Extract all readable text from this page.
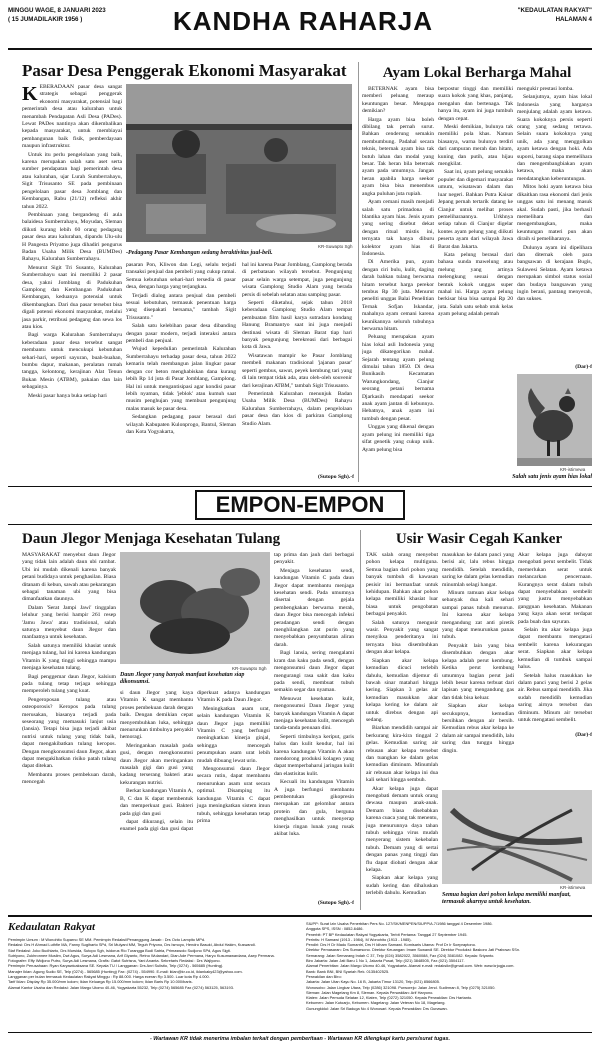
MINGGU WAGE, 8 JANUARI 2023
( 15 JUMADILAKIR 1956 )	KANDHA RAHARJA	"KEDAULATAN RAKYAT"
HALAMAN 4
Pasar Desa Penggerak Ekonomi Masyarakat
K EBERADAAN pasar desa sangat strategis sebagai penggerak ekonomi masyarakat, potensial bagi pemerintah desa atau kalurahan untuk menambah Pendapatan Asli Desa (PADes). Lewat PADes nantinya akan dikembalikan kepada masyarakat, untuk membiayai pembangunan baik fisik, pemberdayaan maupun infrastruktur.

Untuk itu perlu pengelolaan yang baik, karena merupakan salah satu aset serta sumber pendapatan bagi pemerintah desa atau kalurahan, ujar Lurah Sumberrahayu, Sigit Trisusanto SE pada pembinaan pengelolaan pasar desa Jomblang dan Kembangan, Rabu (21/12) refleksi akhir tahun 2022.

Pembinaan yang bergandeng di aula balaidesa Sumberrahayu, Moyudan, Sleman diikuti kurang lebih 60 orang pedagang pasar desa atau kalurahan, dipandu Ulu-ulu H Pangesta Priyatno juga dihadiri pengurus Badan Usaha Milik Desa (BUMDes) Rahayu, Kalurahan Sumberrahayu.

Menurut Sigit Tri Susanto, Kalurahan Sumberrahayu saat ini memiliki 2 pasar desa, yakni Jomblang di Padukuhan Gamplong dan Kembangan Padukuhan Kembangan, keduanya potensial untuk dikembangkan. Dari dua pasar tersebut bisa digali potensi ekonomi masyarakat, melalui jasa parkir, retribusi pedagang dan sewa los atau kios.

Bagi warga Kalurahan Sumberrahayu keberadaan pasar desa tersebut sangat membantu untuk mencukupi kebutuhan sehari-hari, seperti sayuran, buah-buahan, bumbu dapur, makanan, peralatan rumah tangga, kelontong, kerajinan Alat Tenun Bukan Mesin (ATBM), pakaian dan lain sebagainya.

Meski pasar hanya buka setiap hari

KR-Suwapto Sgh
-Pedagang Pasar Kembangan sedang beraktivitas jual-beli.

pasaran Pon, Kliwon dan Legi, selalu terjadi transaksi penjual dan pembeli yang cukup ramai. Semua kebutuhan sehari-hari tersedia di pasar desa, dengan harga yang terjangkau.

Terjadi dialog antara penjual dan pembeli sesuai kebutuhan, termasuk penentuan harga yang disepakati bersama," tambah Sigit Trisusanto."

Salah satu kelebihan pasar desa dibanding dengan pasar modern, terjadi interaksi antara pembeli dan penjual.

Wujud kepedulian pemerintah Kalurahan Sumberrahayu terhadap pasar desa, tahun 2022 kemarin telah membangun jalan lingkar pasar dengan cor beton menghabiskan dana kurang lebih Rp 14 juta di Pasar Jomblang, Gamplong. Hal ini untuk mengantisipasi agar kondisi pasar lebih nyaman, tidak 'jeblok' atau kumuh saat musim penghujan yang membuat pengunjung malas masuk ke pasar desa.

Sedangkan pedagang pasar berasal dari wilayah Kabupaten Kulonprogo, Bantul, Sleman dan Kota Yogyakarta,

hal ini karena Pasar Jomblang, Gamplong berada di perbatasan wilayah tersebut. Pengunjung pasar selain warga setempat, juga pengunjung wisata Gamplong Studio Alam yang berada persis di sebelah selatan atau samping pasar.

Seperti diketahui, sejak tahun 2018 keberadaan Gamplong Studio Alam tempat pembuatan film hasil karya sutradara kondang Hanung Bramantyo saat ini juga menjadi destinasi wisata di Sleman Barat tiap hari banyak pengunjung berekreasi dari berbagai kota di Jawa.

Wisatawan mampir ke Pasar Jomblang membeli makanan tradisional 'jajanan pasar' seperti gembus, sawut, peyek kembung tari yang di lain tempat tidak ada, atau oleh-oleh souvenir dari kerajinan ATBM," tambah Sigit Trisusanto.

Pemerintah Kalurahan menunjuk Badan Usaha Milik Desa (BUMDes) Rahayu Kalurahan Sumberrahayu, dalam pengelolaan pasar desa dan kios di parkiran Gamplong Studio Alam.

(Sutopo Sgh).-f
Ayam Lokal Berharga Mahal

BETERNAK ayam bisa memberi peluang meraup keuntungan besar. Mengapa demikian?

Harga ayam bisa boleh dibilang tak pernah surut. Bahkan cenderung semakin membumbung. Padahal secara teknis, beternak ayam bisa tak butuh lahan dan modal yang besar. Tak heran bila beternak ayam pada umumnya. Jangan heran apabila harga seekor ayam bisa bisa menembus angka puluhan juta rupiah.

Ayam cemani masih menjadi salah satu primadona di blantika ayam hias. Jenis ayam yang sering disebut dekat dengan ritual mistis ini, ternyata tak hanya diburu kolektor ayam hias di Indonesia.

Di Amerika pun, ayam dengan ciri bulu, kulit, daging darah bahkan tulang berwarna hitam tersebut harga perekor tembus Rp 30 juta. Menurut peneliti unggas Balai Penelitian Ternak Sofjan Iskandar, mahalnya ayam cemani karena keunikannya seluruh tubuhnya berwarna hitam.

Peluang merupakan ayam hias lokal asli Indonesia yang juga dikategorikan mahal. Sejarah tentang ayam pelung dimulai tahun 1850. Di desa Bunikasih Kecamatan Warungkondang, Cianjur seorang petani bernama Djarkasih mendapati seekor anak ayam jantan di kebunnya. Hebatnya, anak ayam ini tumbuh dengan pesat.

Unggas yang dikenal dengan ayam pelung ini memiliki tiga sifat genetik yang cukup unik. Ayam pelung bisa

berpostur tinggi dan memiliki suara kokok yang khas, panjang, mengalun dan bertenaga. Tak hanya itu, ayam ini juga tumbuh dengan cepat.

Meski demikian, bulunya tak memiliki pola khas. Namun biasanya, warna bulunya terdiri dari campuran merah dan hitam, kuning dan putih, atau hijau mengkilat.

Saat ini, ayam pelung semakin populer dan digemari masyarakat umum, wisatawan dalam dan luar negeri. Bahkan Putra Kaisar Jepang pernah tertarik datang ke Cianjur untuk melihat proses pemeliharaannya. Urkhnya setiap tahun di Cianjur digelar kontes ayam pelung yang diikuti peserta ayam dari wilayah Jawa Barat dan Jakarta.

Kata pelung berasal dari bahasa sunda mawelung atau melung yang artinya melengkung sesuai dengan bentuk kokok unggas super mahal ini. Harga ayam pelung berkisar bisa bisa sampai Rp 20 juta. Salah satu sebab utuk kelas ayam pelung adalah pemah

mengukir prestasi lomba.

Selanjutnya, ayam hias lokal Indonesia yang harganya menjulang adalah ayam ketawa. Suara kokoknya persis seperti orang yang sedang tertawa. Selain suara kokoknya yang unik, ada yang menggolkan ayam ketawa dengan hoki. Ada suporsi, barang siapa memelihara dan mengembangbiakan ayam ketawa, maka akan mendatangkan keberuntungan.

Mitos hoki ayam ketawa bisa dikaitkan rasa ekonomi dari jenis unggas satu ini menang masuk akal. Sudah pasti, jika berhasil memelihara dan mengembangkan, maka keuntungan materi pun akan diraih si pemeliharanya.

Dulunya ayam ini dipelihara dan diternak oleh para bangsawan di kerajaan Bugis, Sulawesi Selatan. Ayam ketawa merupakan simbol status sosial dan budaya bangsawan yang ingin berani, pantang menyerah, dan sukses.

(Dar)-f
KR-istimewa
Salah satu jenis ayam hias lokal
EMPON-EMPON
Daun Jlegor Menjaga Kesehatan Tulang

MASYARAKAT menyebut daun Jlegor yang tidak lain adalah daun ubi rambat. Ubi ini mudah dikenali karena banyak petani budidaya untuk penghasilan. Biasa ditanam di kebun, sawah atau pekarangan sebagai tanaman ubi yang bisa dimanfaatkan daunnya.

Dalam 'Serat Jampi Jawi' tinggalan leluhur yang berisi hampir 261 resep 'Jamu Jawa' atau tradisional, salah satunya menyebut daun Jlegor dan manfaatnya untuk kesehatan.

Salah satunya memiliki khasiat untuk menjaga tulang, hal ini karena kandungan Vitamin K yang tinggi sehingga mampu menjaga kesehatan tulang.

Bagi penggemar daun Jlegor, kalsium pada tulang tetap terjaga sehingga memperoleh tulang yang kuat.

Pengeroposan tulang atau osteoporosis? Keropos pada tulang merusakan, biasanya terjadi pada seseorang yang memasuki lanjut usia (lansia). Tetapi bisa juga terjadi akibat nutrisi untuk tulang yang tidak baik, dapat mengakibatkan tulang keropos. Dengan mengkonsumsi daun Jlegor, akan dapat mengakibatkan risiko patah tulang dapat ditekan.

Membantu proses pembekuan darah, mencegah

KR-Suwapto Sgh
Daun Jlegor yang banyak manfaat kesehatan siap dikonsumsi.

si daun Jlegor yang kaya Vitamin K sangat membantu proses pembekuan darah dengan baik. Dengan demikian cepat menyembuhkan luka, sehingga menurunkan timbulnya penyakit hemoragi.

Meringankan masalah pada gusi, dengan mengkonsumsi daun Jlegor akan meringankan masalah gigi dan gusi yang kadang terserang bakteri atau kekurangan nutrisi.

Berkat kandungan Vitamin A, B, C dan K dapat membentuk dan memperkuat gusi. Bakteri pada gigi dan gusi

dapat dikurangi, selain itu enamel pada gigi dan gusi dapat diperkuat adanya kandungan Vitamin K pada Daun Jlegor.

Meningkatkan asam urat, selain kandungan Vitamin K daun Jlegor juga memiliki Vitamin C yang berfungsi meningkatkan kinerja ginjal, sehingga mencegah penumpukan asam urat lebih mudah dibuang lewat urin.

Mengonsumsi daun Jlegor secara rutin, dapat membantu menurunkan asam urat secara optimal. Disamping itu kandungan Vitamin C dapat juga meningkatkan sistem imun tubuh, sehingga kesehatan tetap prima

tap prima dan jauh dari berbagai penyakit.

Menjaga kesehatan sendi, kandungan Vitamin C pada daun Jlegor dapat membantu menjaga kesehatan sendi. Pada umumnya disertai dengan gejala pembengkakan berwarna merah, daun Jlegor bisa mencegah infeksi peradangan sendi dengan menghilangkan zat purin yang menyebabkan penyumbatan aliran darah.

Bagi lansia, sering mengalami kram dan kaku pada sendi, dengan mengonsumsi daun Jlegor dapat mengurangi rasa sakit dan kaku pada sendi, membuat tubuh semakin segar dan nyaman.

Menuwat kesehatan kulit, mengonsumsi Daun Jlegor yang banyak kandungan Vitamin A dapat menjaga kesehatan kulit, mencegah tanda-tanda penuaan dini.

Seperti timbulnya keriput, garis halus dan kulit kendur, hal ini karena kandungan Vitamin A akan mendorong produksi kolagen yang dapat memperbaharui jaringan kulit dan elastisitas kulit.

Kecuali itu kandungan Vitamin A juga berfungsi membantu pembentukan gikopresin merupakan zat gelombar antara protein dan gula, berguna menghasilkan untuk menyerap kinerja ringan lunak yang rusak akibat luka.

(Sutopo Sgh).-f
Usir Wasir Cegah Kanker

TAK salah orang menyebut pohon kelapa multiguna. Semua bagian dari pohon yang banyak tumbuh di kawasan pesisir ini bermanfaat untuk kehidupan. Bahkan akar pohon kelapa memiliki khasiat luar biasa untuk pengobatan berbagai penyakit.

Salah satunya mengusir wasir. Penyakit yang sangat menyiksa penderitanya ini ternyata bisa disembuhkan dengan akar kelapa.

Siapkan akar kelapa kemudian dicuci terlebih dahulu, kemudian dijemur di bawah sinar matahari hingga kering. Siapkan 3 gelas air kemudian masukkan akar kelapa kering ke dalam air untuk direbus dengan api sedang.

Biarkan mendidih sampai air berkurang kira-kira tinggal 2 gelas. Kemudian saring air rebusan akar kelapa tersebut dan tuangkan ke dalam gelas kemudian diminum. Minumlah air rebusan akar kelapa ini dua kali sehari hingga sembuh.

Akar kelapa juga dapat mengobati demam untuk orang dewasa maupun anak-anak. Demam biasa disebabkan karena cuaca yang tak menentu, juga menurunnya daya tahan tubuh sehingga virus mudah menyerang sistem kekebalan tubuh. Demam yang di sertai dengan panas yang tinggi dan flu dapat diobati dengan akar kelapa.

Siapkan akar kelapa yang sudah kering dan dihaluskan terlebih dahulu. Kemudian

masukkan ke dalam panci yang berisi air, lalu rebus hingga mendidih. Setelah mendidih, saring ke dalam gelas kemudian minumlah selagi hangat.

Minum ramuan akar kelapa sebanyak dua kali sehari sampai panas tubuh menurun. Ini karena akar kelapa mengandung zat anti piretik yang dapat menurunkan panas tubuh.

Penyakit lain yang bisa disembuhkan dengan akar kelapa adalah perut kembung. Ketika perut kembung umumnya bagian perut jadi lebih besar karena terbuat dari lapisan yang mengandung gas dan tidak bisa keluar.

Siapkan akar kelapa secukupnya, kemudian bersihkan dengan air bersih. Kemudian rebus akar kelapa ke dalam air sampai mendidih, lalu saring dan tunggu hingga dingin.

Akar kelapa juga dahsyat mengobati perut sembelit. Tidak memerlukan serat untuk melancarkan pencernaan. Kurangnya serat dalam tubuh dapat menyebabkan sembelit yang justru menyebabkan gangguan kesehatan. Makanan yang kaya akan serat terdapat pada buah dan sayuran.

Selain itu akar kelapa juga dapat membantu mengatasi sembelit karena kekurangan serat. Siapkan akar kelapa kemudian di tumbuk sampai halus.

Setelah halus masukkan ke dalam panci yang berisi 2 gelas air. Rebus sampai mendidih. Jika sudah mendidih kemudian saring airnya tersebut dan diminum. Minum air tersebut untuk mengatasi sembelit.

(Dar)-f
KR-istimewa
Semua bagian dari pohon kelapa memiliki manfaat, termasuk akarnya untuk kesehatan.
Kedaulatan Rakyat
Pemimpin Umum : M Wonohito Suparno SE MM. Pemimpin Redaksi/Penanggung Jawab : Drs Octo Lampito MPd.
Redaksi: Drs H Ahmad Luthfie MA, Fanny Sugiharto SPd, Sri Mulyani MM, Teguh Priyono, Drs Ismoyo, Hendro Basuki, Abdul Hakim, Kuswandi.
Staf Redaksi: Joko Budhiarto, Drs Mursida, Sutopo Sgh, Isidorus Rio Turangga Budi Satria, Primaswolo Sudjono SPd, Agus Sigit.
Sutriyono, Zukhronnee Muslim, Dwi Agus, Surya Adi Lesmana, Arif Giyanto, Retno Wulandari, Dian Ade Permana, Haryo Kusumawardana, Asep Permana.
Fotografer: Effy Widjono Putro, Surya Adi Lesmana, Grafis: Gatot Sutrisna, Yani Ananta. Sekretaris Redaksi : Drs Wajiyono.
Pemimpin Perusahaan: Ryan Karyawicaksana SE. Kepala TU / Langganan: Drs Anri Sulistio, Telp (0274) - 565685 (Hunting).
Manajer Iklan: Agung Sudio SE, Telp (0274) - 565685 (Hunting) Fax: (0274) - 554990. E-mail: iklan@kr.co.id, iklankaky423@yahoo.com.
Langganan per bulan termasuk Kedaulatan Rakyat Minggu : Rp 88.000. Harga eceran Rp 3.500. Luar kota Rp 4.000.
Tarif Iklan: Display Rp 35.000/mm kolom; Iklan Keluarga Rp 15.000/mm kolom; Iklan Baris Rp 10.000/baris.
Alamat Kantor Usaha dan Redaksi: Jalan Margo Utomo 40-46, Yogyakarta 55232, Telp (0274) 565685 Fax (0274) 563125, 563193.
SIUPP: Surat Izin Usaha Penerbitan Pers No. 127/SK/MENPEN/SIUPP/A.7/1986 tanggal 4 Desember 1986.
Anggota SPS, ISSN : 0852-6486.
Penerbit: PT BP Kedaulatan Rakyat Yogyakarta, Terbit Pertama: Tanggal 27 September 1945.
Perintis: H Samawi (1913 - 1984), M Wonohito (1913 - 1985).
Pendiri: Drs H Dr Madu Sumantri, Drs H Idham Samawi. Komisaris Utama: Prof Dr Ir Soepraptono.
Direktur Pemasaran: Drs Sumarsono. Direktur Keuangan: Imam Suwandi SE. Direktur Produksi: Baskoro Jati Prabowo SSn.
Semarang: Jalan Semarang Indah C 37, Telp (024) 3582022, 3560088, Fax (024) 3581082. Kepala: Sriyanto.
Biro Jakarta: Jalan Jati Baru 1 No 1, Jakarta Pusat, Telp (021) 3848505, Fax (021) 3504117.
Alamat Penerbitan: Jalan Margo Utomo 40-46, Yogyakarta. Alamat e-mail: redaksikr@gmail.com. Web: www.krjogja.com.
Bank: Bank BNI, BNI Syariah Rek. 0135402525.
Perwakilan dan Biro:
Jakarta: Jalan Utan Kayu No. 16 B, Jakarta Timur 13120, Telp (021) 8566805.
Wonosobo: Jalan Lingkar Utara, Telp (0286) 321098. Purworejo: Jalan Jend. Sudirman 8, Telp (0275) 321050.
Sleman: Jalan Magelang Km 8, Sleman. Kepala Perwakilan: Arif Haryono.
Klaten: Jalan Pemuda Selatan 12, Klaten, Telp (0272) 321050. Kepala Perwakilan: Drs Hartanto.
Kebumen: Jalan Kutoarjo, Kebumen. Magelang: Jalan Veteran No 18, Magelang.
Gunungkidul: Jalan Sri Baduga No 4 Wonosari. Kepala Perwakilan: Drs Gunawan.
- Wartawan KR tidak menerima imbalan terkait dengan pemberitaan - Wartawan KR dilengkapi kartu pers/surat tugas.
